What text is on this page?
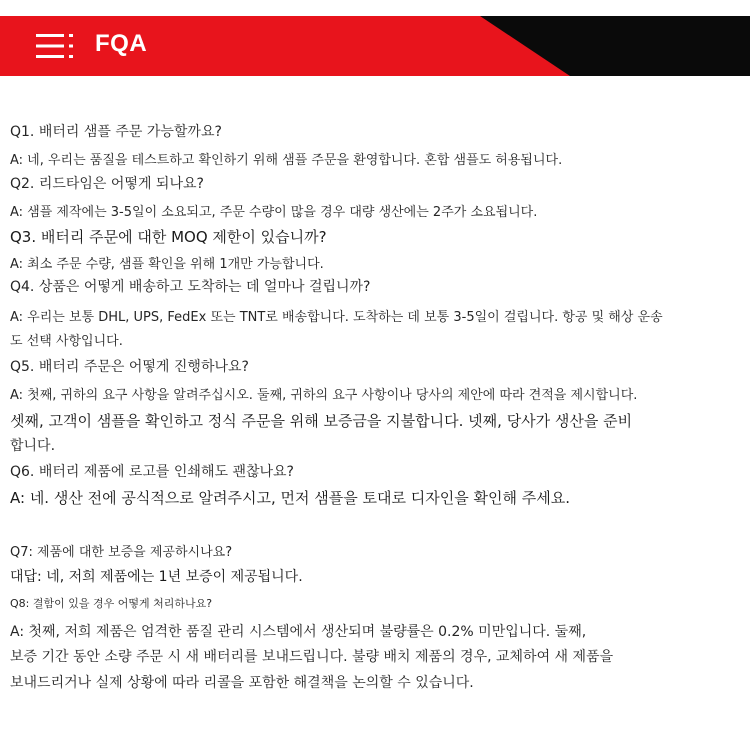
FQA
Q1. 배터리 샘플 주문 가능할까요?
A: 네, 우리는 품질을 테스트하고 확인하기 위해 샘플 주문을 환영합니다. 혼합 샘플도 허용됩니다.
Q2. 리드타임은 어떻게 되나요?
A: 샘플 제작에는 3-5일이 소요되고, 주문 수량이 많을 경우 대량 생산에는 2주가 소요됩니다.
Q3. 배터리 주문에 대한 MOQ 제한이 있습니까?
A: 최소 주문 수량, 샘플 확인을 위해 1개만 가능합니다.
Q4. 상품은 어떻게 배송하고 도착하는 데 얼마나 걸립니까?
A: 우리는 보통 DHL, UPS, FedEx 또는 TNT로 배송합니다. 도착하는 데 보통 3-5일이 걸립니다. 항공 및 해상 운송
도 선택 사항입니다.
Q5. 배터리 주문은 어떻게 진행하나요?
A: 첫째, 귀하의 요구 사항을 알려주십시오. 둘째, 귀하의 요구 사항이나 당사의 제안에 따라 견적을 제시합니다.
셋째, 고객이 샘플을 확인하고 정식 주문을 위해 보증금을 지불합니다. 넷째, 당사가 생산을 준비
합니다.
Q6. 배터리 제품에 로고를 인쇄해도 괜찮나요?
A: 네. 생산 전에 공식적으로 알려주시고, 먼저 샘플을 토대로 디자인을 확인해 주세요.
Q7: 제품에 대한 보증을 제공하시나요?
대답: 네, 저희 제품에는 1년 보증이 제공됩니다.
Q8: 결함이 있을 경우 어떻게 처리하나요?
A: 첫째, 저희 제품은 엄격한 품질 관리 시스템에서 생산되며 불량률은 0.2% 미만입니다. 둘째,
보증 기간 동안 소량 주문 시 새 배터리를 보내드립니다. 불량 배치 제품의 경우, 교체하여 새 제품을
보내드리거나 실제 상황에 따라 리콜을 포함한 해결책을 논의할 수 있습니다.
